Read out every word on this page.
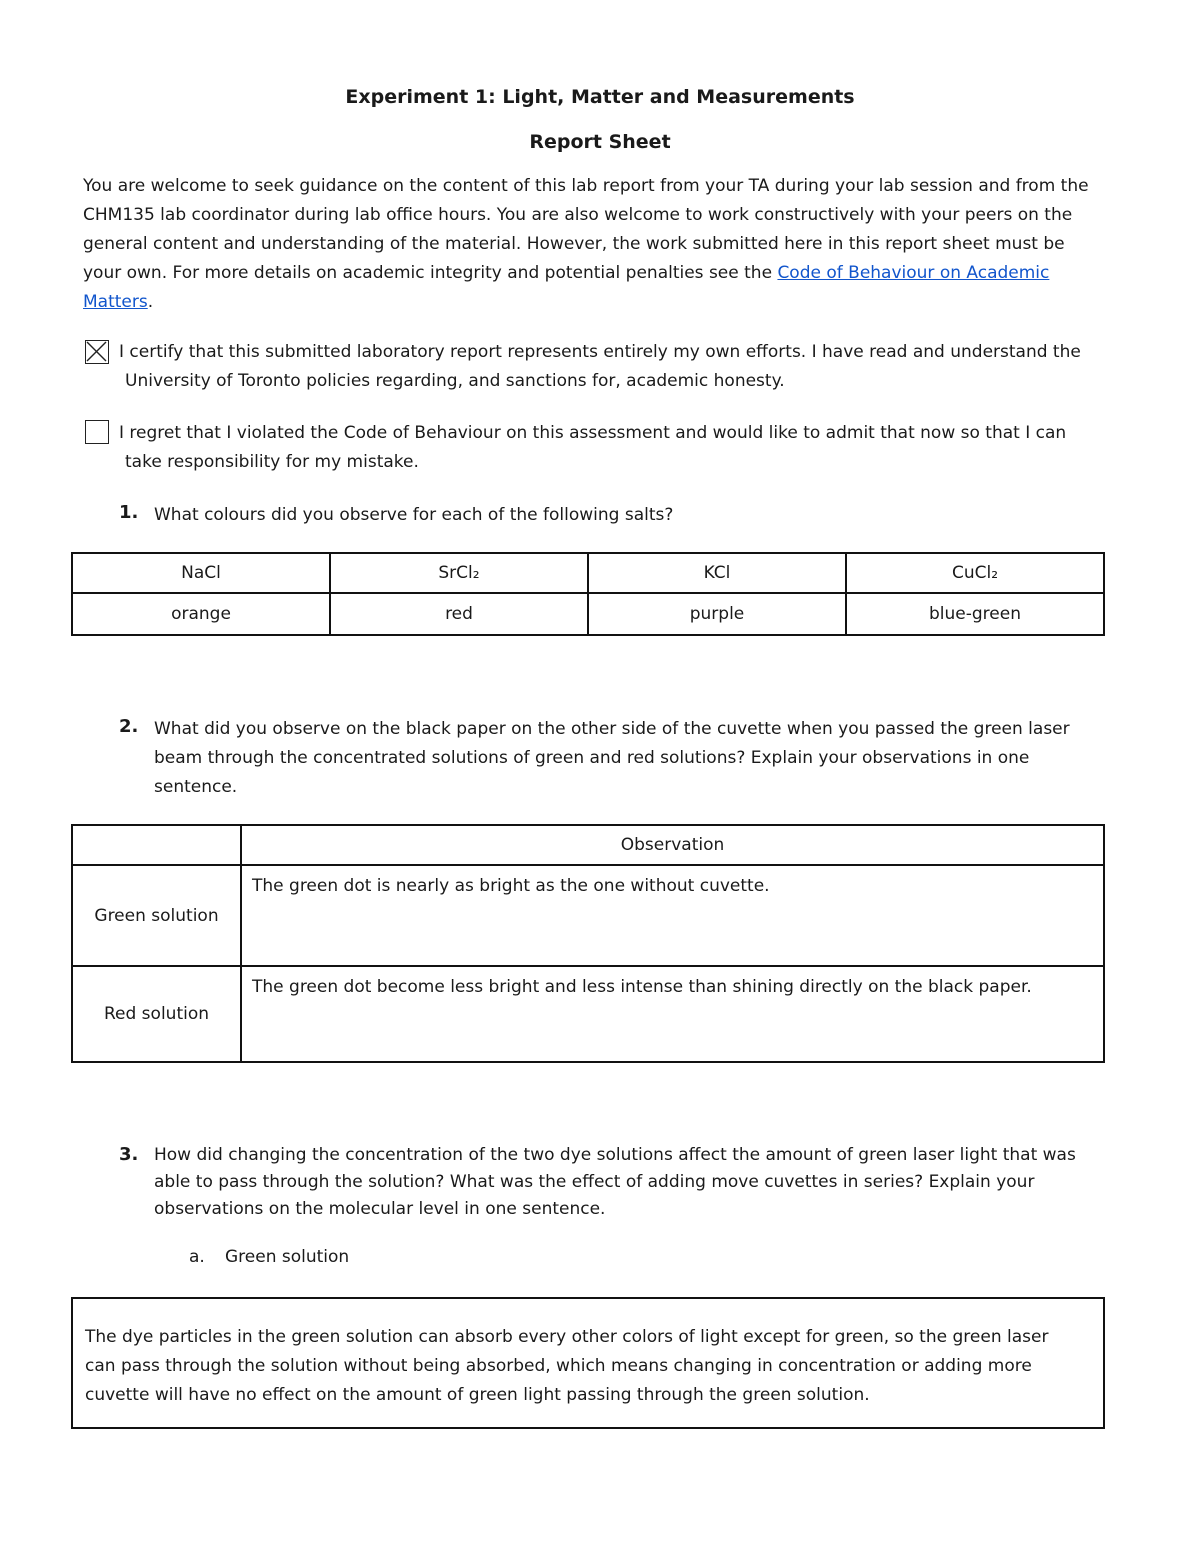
Experiment 1: Light, Matter and Measurements
Report Sheet
You are welcome to seek guidance on the content of this lab report from your TA during your lab session and from the
CHM135 lab coordinator during lab office hours. You are also welcome to work constructively with your peers on the
general content and understanding of the material. However, the work submitted here in this report sheet must be
your own. For more details on academic integrity and potential penalties see the Code of Behaviour on Academic
Matters.
I certify that this submitted laboratory report represents entirely my own efforts. I have read and understand the
University of Toronto policies regarding, and sanctions for, academic honesty.
I regret that I violated the Code of Behaviour on this assessment and would like to admit that now so that I can
take responsibility for my mistake.
1. What colours did you observe for each of the following salts?
NaCl	SrCl₂	KCl	CuCl₂
orange	red	purple	blue-green
2. What did you observe on the black paper on the other side of the cuvette when you passed the green laser
beam through the concentrated solutions of green and red solutions? Explain your observations in one
sentence.
	Observation
Green solution	The green dot is nearly as bright as the one without cuvette.
Red solution	The green dot become less bright and less intense than shining directly on the black paper.
3. How did changing the concentration of the two dye solutions affect the amount of green laser light that was
able to pass through the solution? What was the effect of adding move cuvettes in series? Explain your
observations on the molecular level in one sentence.
a. Green solution
The dye particles in the green solution can absorb every other colors of light except for green, so the green laser
can pass through the solution without being absorbed, which means changing in concentration or adding more
cuvette will have no effect on the amount of green light passing through the green solution.
